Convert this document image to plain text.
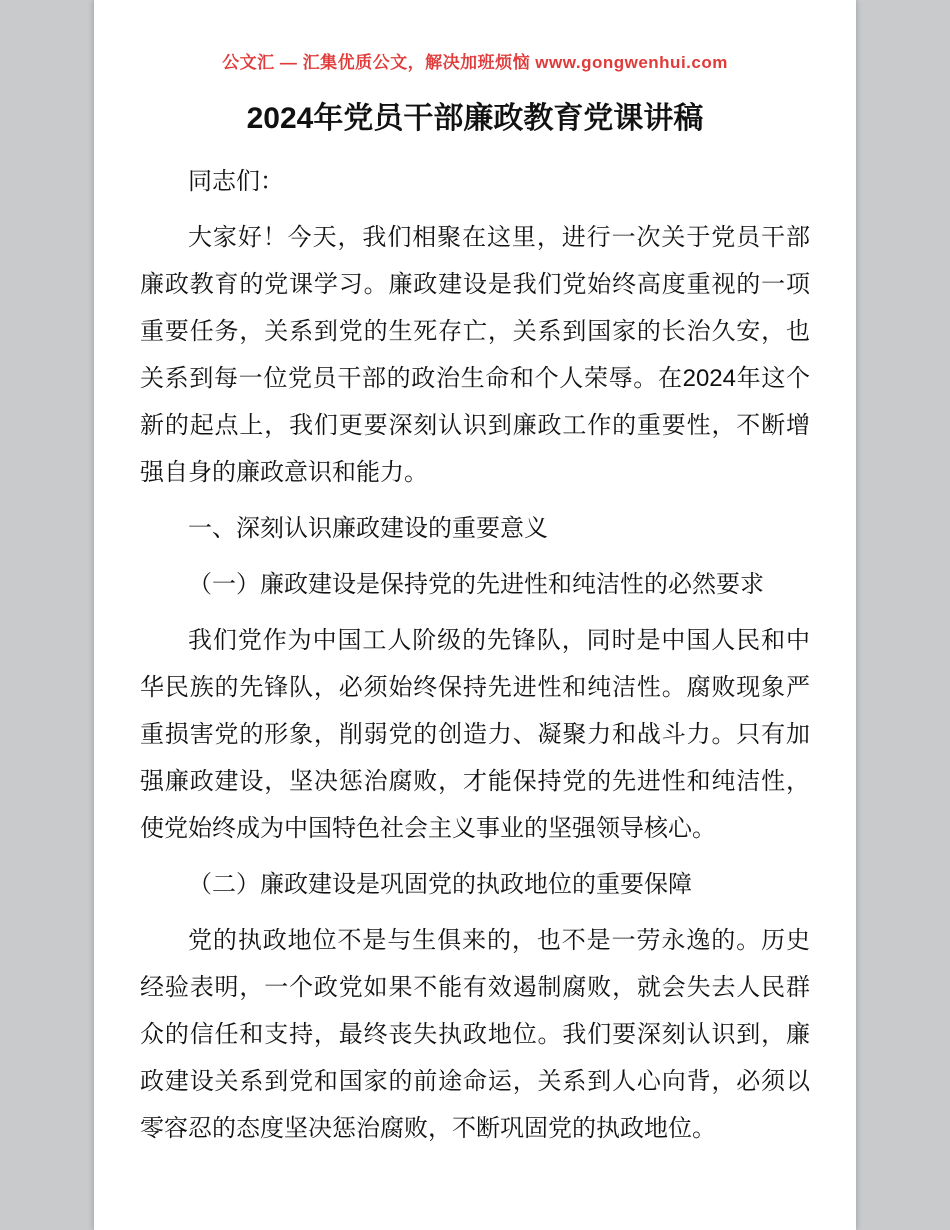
公文汇 — 汇集优质公文，解决加班烦恼 www.gongwenhui.com
2024年党员干部廉政教育党课讲稿

同志们：

大家好！今天，我们相聚在这里，进行一次关于党员干部廉政教育的党课学习。廉政建设是我们党始终高度重视的一项重要任务，关系到党的生死存亡，关系到国家的长治久安，也关系到每一位党员干部的政治生命和个人荣辱。在2024年这个新的起点上，我们更要深刻认识到廉政工作的重要性，不断增强自身的廉政意识和能力。

一、深刻认识廉政建设的重要意义

（一）廉政建设是保持党的先进性和纯洁性的必然要求

我们党作为中国工人阶级的先锋队，同时是中国人民和中华民族的先锋队，必须始终保持先进性和纯洁性。腐败现象严重损害党的形象，削弱党的创造力、凝聚力和战斗力。只有加强廉政建设，坚决惩治腐败，才能保持党的先进性和纯洁性，使党始终成为中国特色社会主义事业的坚强领导核心。

（二）廉政建设是巩固党的执政地位的重要保障

党的执政地位不是与生俱来的，也不是一劳永逸的。历史经验表明，一个政党如果不能有效遏制腐败，就会失去人民群众的信任和支持，最终丧失执政地位。我们要深刻认识到，廉政建设关系到党和国家的前途命运，关系到人心向背，必须以零容忍的态度坚决惩治腐败，不断巩固党的执政地位。
